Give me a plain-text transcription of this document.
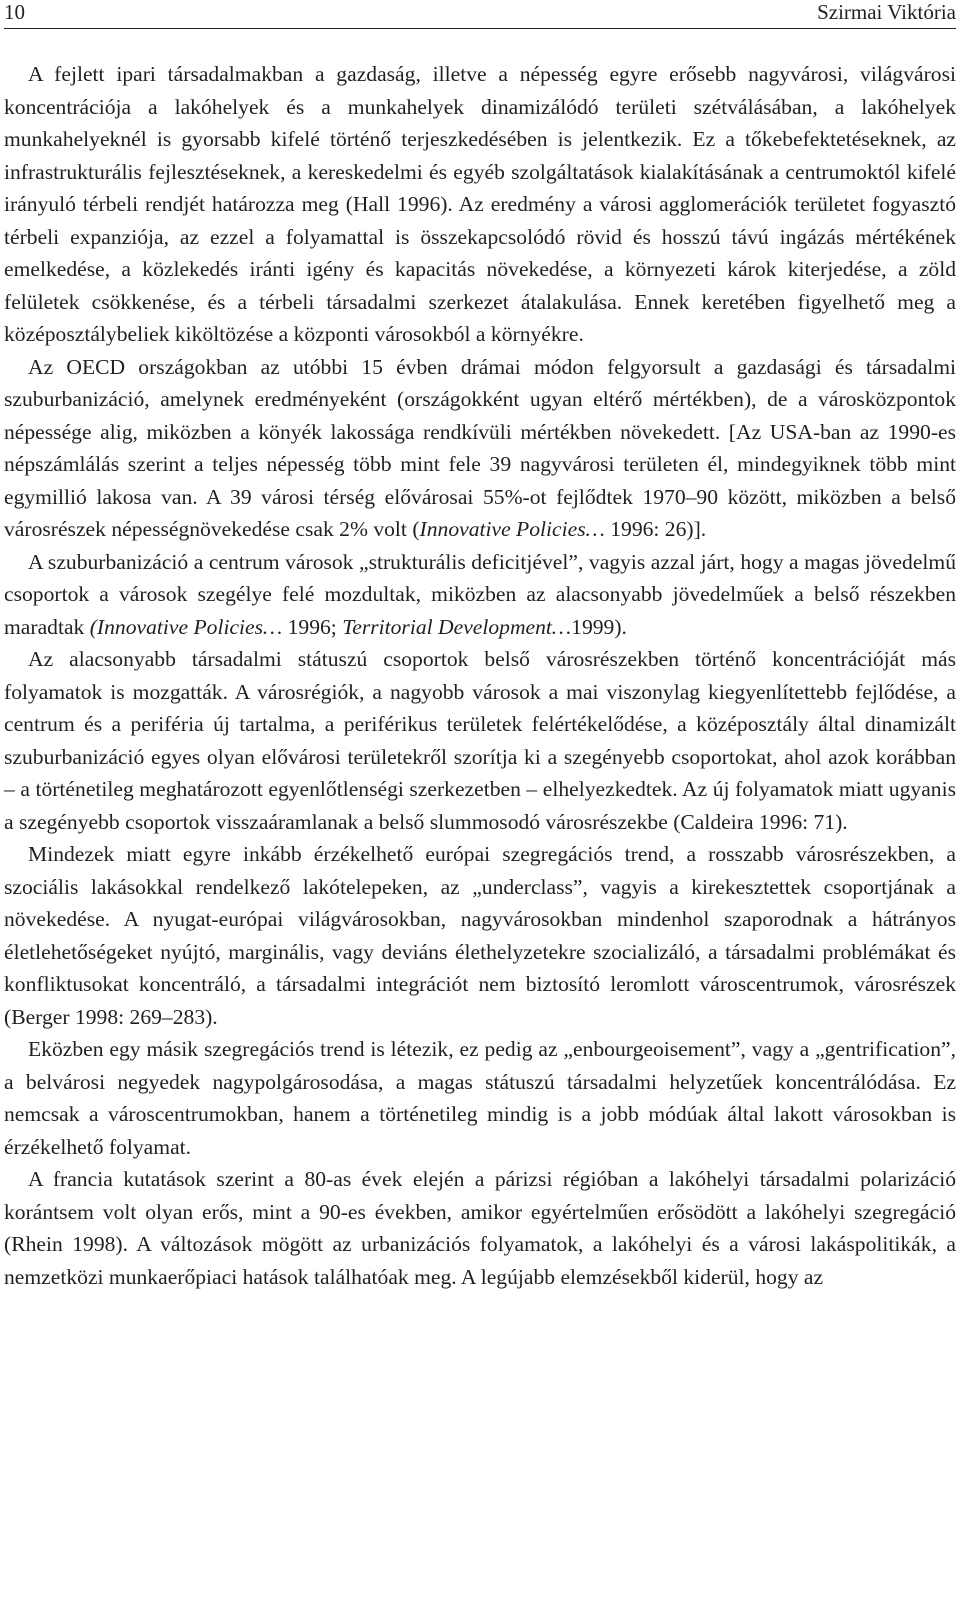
10	Szirmai Viktória

A fejlett ipari társadalmakban a gazdaság, illetve a népesség egyre erősebb nagyvárosi, világvárosi koncentrációja a lakóhelyek és a munkahelyek dinamizálódó területi szétválásában, a lakóhelyek munkahelyeknél is gyorsabb kifelé történő terjeszkedésében is jelentkezik. Ez a tőkebefektetéseknek, az infrastrukturális fejlesztéseknek, a kereskedelmi és egyéb szolgáltatások kialakításának a centrumoktól kifelé irányuló térbeli rendjét határozza meg (Hall 1996). Az eredmény a városi agglomerációk területet fogyasztó térbeli expanziója, az ezzel a folyamattal is összekapcsolódó rövid és hosszú távú ingázás mértékének emelkedése, a közlekedés iránti igény és kapacitás növekedése, a környezeti károk kiterjedése, a zöld felületek csökkenése, és a térbeli társadalmi szerkezet átalakulása. Ennek keretében figyelhető meg a középosztálybeliek kiköltözése a központi városokból a környékre.

Az OECD országokban az utóbbi 15 évben drámai módon felgyorsult a gazdasági és társadalmi szuburbanizáció, amelynek eredményeként (országokként ugyan eltérő mértékben), de a városközpontok népessége alig, miközben a könyék lakossága rendkívüli mértékben növekedett. [Az USA-ban az 1990-es népszámlálás szerint a teljes népesség több mint fele 39 nagyvárosi területen él, mindegyiknek több mint egymillió lakosa van. A 39 városi térség elővárosai 55%-ot fejlődtek 1970–90 között, miközben a belső városrészek népességnövekedése csak 2% volt (Innovative Policies… 1996: 26)].

A szuburbanizáció a centrum városok „strukturális deficitjével”, vagyis azzal járt, hogy a magas jövedelmű csoportok a városok szegélye felé mozdultak, miközben az alacsonyabb jövedelműek a belső részekben maradtak (Innovative Policies… 1996; Territorial Development…1999).

Az alacsonyabb társadalmi státuszú csoportok belső városrészekben történő koncentrációját más folyamatok is mozgatták. A városrégiók, a nagyobb városok a mai viszonylag kiegyenlítettebb fejlődése, a centrum és a periféria új tartalma, a periférikus területek felértékelődése, a középosztály által dinamizált szuburbanizáció egyes olyan elővárosi területekről szorítja ki a szegényebb csoportokat, ahol azok korábban – a történetileg meghatározott egyenlőtlenségi szerkezetben – elhelyezkedtek. Az új folyamatok miatt ugyanis a szegényebb csoportok visszaáramlanak a belső slummosodó városrészekbe (Caldeira 1996: 71).

Mindezek miatt egyre inkább érzékelhető európai szegregációs trend, a rosszabb városrészekben, a szociális lakásokkal rendelkező lakótelepeken, az „underclass”, vagyis a kirekesztettek csoportjának a növekedése. A nyugat-európai világvárosokban, nagyvárosokban mindenhol szaporodnak a hátrányos életlehetőségeket nyújtó, marginális, vagy deviáns élethelyzetekre szocializáló, a társadalmi problémákat és konfliktusokat koncentráló, a társadalmi integrációt nem biztosító leromlott városcentrumok, városrészek (Berger 1998: 269–283).

Eközben egy másik szegregációs trend is létezik, ez pedig az „enbourgeoisement”, vagy a „gentrification”, a belvárosi negyedek nagypolgárosodása, a magas státuszú társadalmi helyzetűek koncentrálódása. Ez nemcsak a városcentrumokban, hanem a történetileg mindig is a jobb módúak által lakott városokban is érzékelhető folyamat.

A francia kutatások szerint a 80-as évek elején a párizsi régióban a lakóhelyi társadalmi polarizáció korántsem volt olyan erős, mint a 90-es években, amikor egyértelműen erősödött a lakóhelyi szegregáció (Rhein 1998). A változások mögött az urbanizációs folyamatok, a lakóhelyi és a városi lakáspolitikák, a nemzetközi munkaerőpiaci hatások találhatóak meg. A legújabb elemzésekből kiderül, hogy az
